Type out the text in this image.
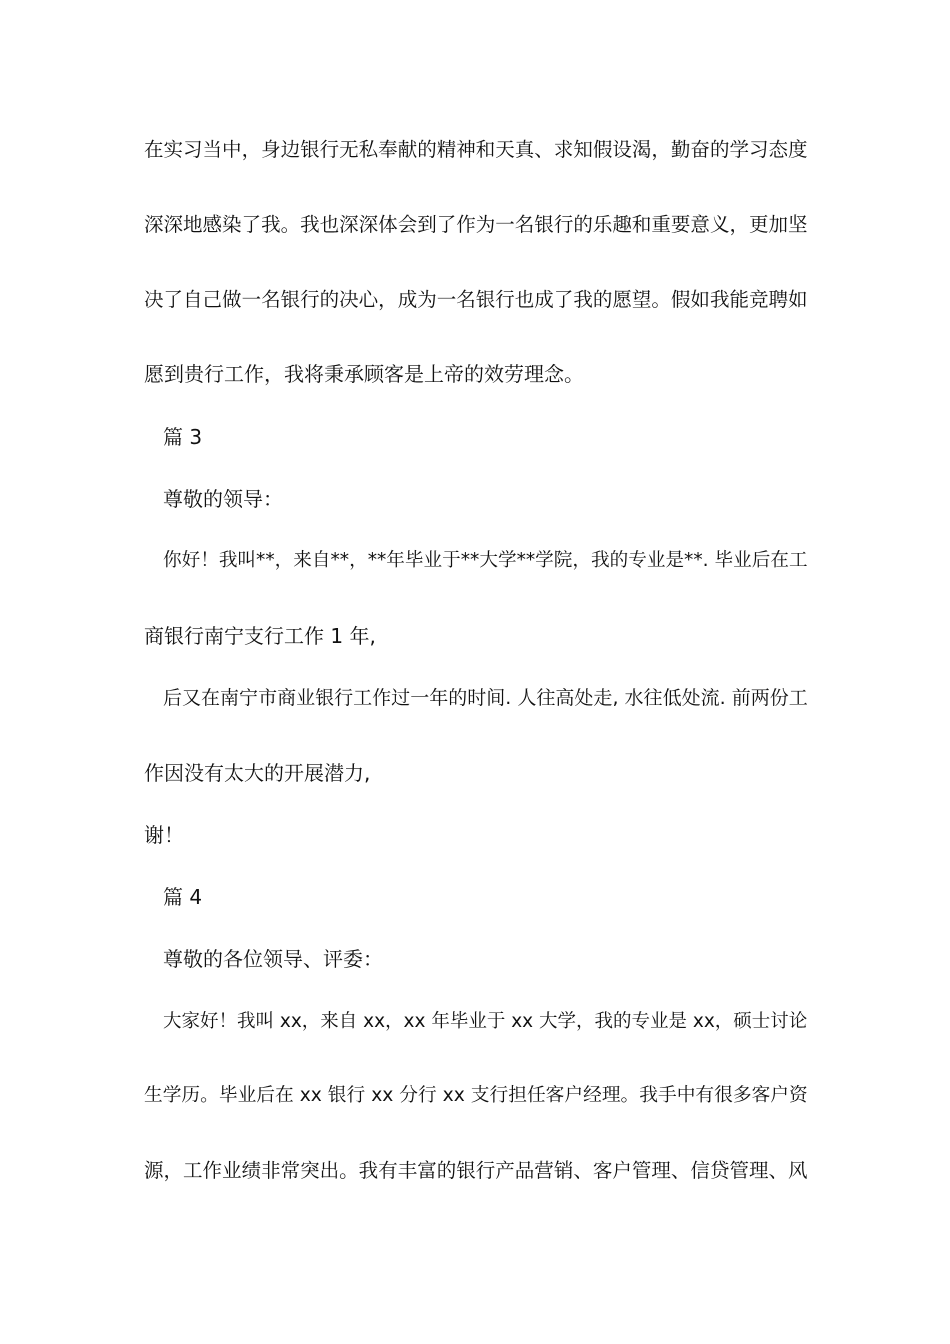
在实习当中，身边银行无私奉献的精神和天真、求知假设渴，勤奋的学习态度
深深地感染了我。我也深深体会到了作为一名银行的乐趣和重要意义，更加坚
决了自己做一名银行的决心，成为一名银行也成了我的愿望。假如我能竞聘如
愿到贵行工作，我将秉承顾客是上帝的效劳理念。
篇 3
尊敬的领导：
你好！我叫**，来自**，**年毕业于**大学**学院，我的专业是**. 毕业后在工
商银行南宁支行工作 1 年,
后又在南宁市商业银行工作过一年的时间. 人往高处走, 水往低处流. 前两份工
作因没有太大的开展潜力,
谢！
篇 4
尊敬的各位领导、评委：
大家好！我叫 xx，来自 xx，xx 年毕业于 xx 大学，我的专业是 xx，硕士讨论
生学历。毕业后在 xx 银行 xx 分行 xx 支行担任客户经理。我手中有很多客户资
源，工作业绩非常突出。我有丰富的银行产品营销、客户管理、信贷管理、风
